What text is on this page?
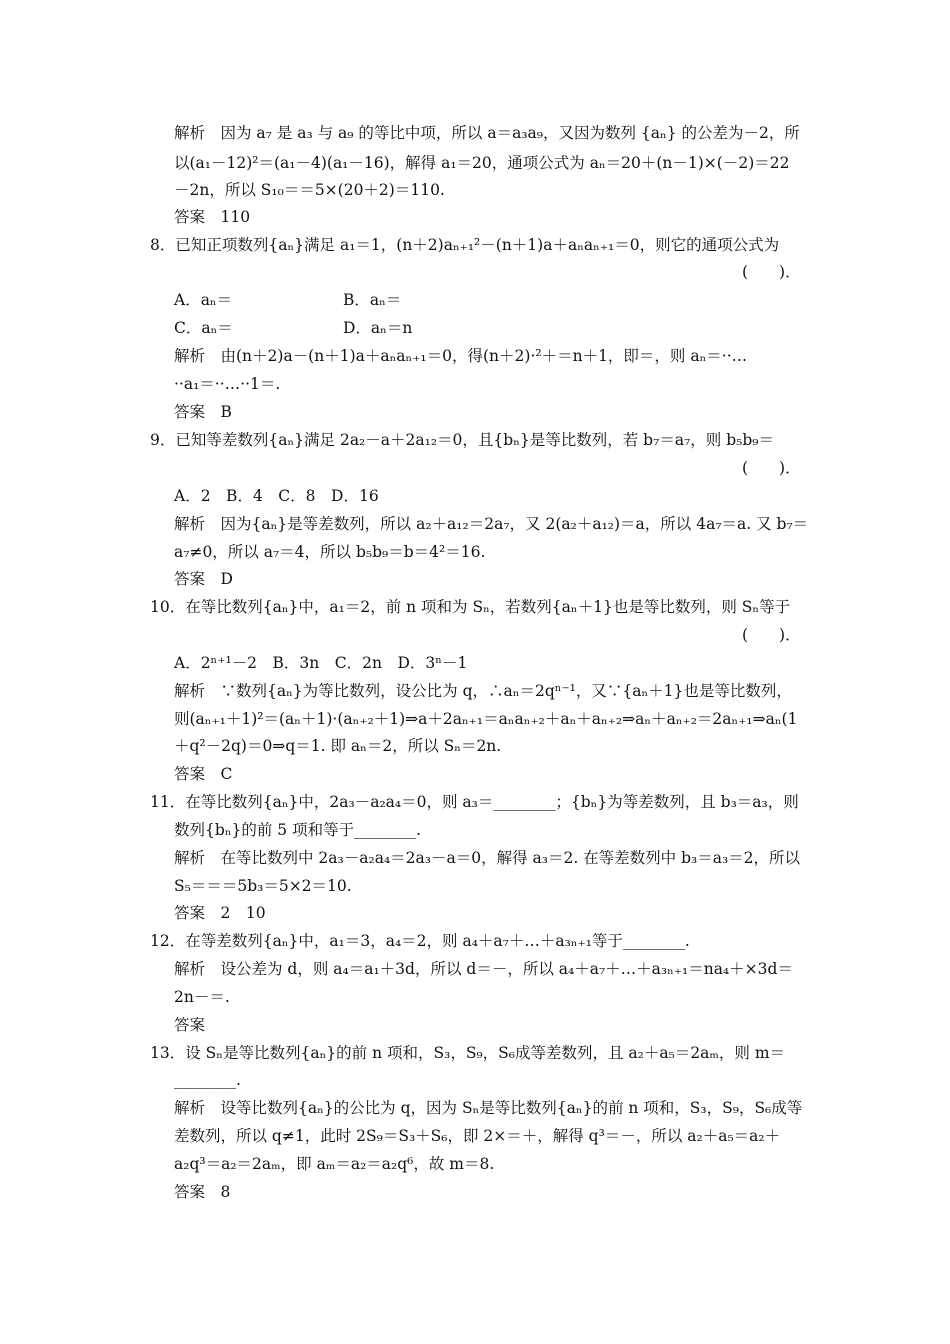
解析　因为 a₇ 是 a₃ 与 a₉ 的等比中项，所以 a＝a₃a₉，又因为数列 {aₙ} 的公差为－2，所
以(a₁－12)²＝(a₁－4)(a₁－16)，解得 a₁＝20，通项公式为 aₙ＝20＋(n－1)×(－2)＝22
－2n，所以 S₁₀＝＝5×(20＋2)＝110.
答案　110
8．已知正项数列{aₙ}满足 a₁＝1，(n＋2)aₙ₊₁²－(n＋1)a＋aₙaₙ₊₁＝0，则它的通项公式为
(　　)．
A．aₙ＝	B．aₙ＝
C．aₙ＝	D．aₙ＝n
解析　由(n＋2)a－(n＋1)a＋aₙaₙ₊₁＝0，得(n＋2)·²＋＝n＋1，即＝，则 aₙ＝··…
··a₁＝··…··1＝.
答案　B
9．已知等差数列{aₙ}满足 2a₂－a＋2a₁₂＝0，且{bₙ}是等比数列，若 b₇＝a₇，则 b₅b₉＝
(　　)．
A．2　B．4　C．8　D．16
解析　因为{aₙ}是等差数列，所以 a₂＋a₁₂＝2a₇，又 2(a₂＋a₁₂)＝a，所以 4a₇＝a. 又 b₇＝
a₇≠0，所以 a₇＝4，所以 b₅b₉＝b＝4²＝16.
答案　D
10．在等比数列{aₙ}中，a₁＝2，前 n 项和为 Sₙ，若数列{aₙ＋1}也是等比数列，则 Sₙ等于
(　　)．
A．2ⁿ⁺¹－2　B．3n　C．2n　D．3ⁿ－1
解析　∵数列{aₙ}为等比数列，设公比为 q，∴aₙ＝2qⁿ⁻¹，又∵{aₙ＋1}也是等比数列，
则(aₙ₊₁＋1)²＝(aₙ＋1)·(aₙ₊₂＋1)⇒a＋2aₙ₊₁＝aₙaₙ₊₂＋aₙ＋aₙ₊₂⇒aₙ＋aₙ₊₂＝2aₙ₊₁⇒aₙ(1
＋q²－2q)＝0⇒q＝1. 即 aₙ＝2，所以 Sₙ＝2n.
答案　C
11．在等比数列{aₙ}中，2a₃－a₂a₄＝0，则 a₃＝________；{bₙ}为等差数列，且 b₃＝a₃，则
数列{bₙ}的前 5 项和等于________.
解析　在等比数列中 2a₃－a₂a₄＝2a₃－a＝0，解得 a₃＝2. 在等差数列中 b₃＝a₃＝2，所以
S₅＝＝＝5b₃＝5×2＝10.
答案　2　10
12．在等差数列{aₙ}中，a₁＝3，a₄＝2，则 a₄＋a₇＋…＋a₃ₙ₊₁等于________.
解析　设公差为 d，则 a₄＝a₁＋3d，所以 d＝－，所以 a₄＋a₇＋…＋a₃ₙ₊₁＝na₄＋×3d＝
2n－＝.
答案
13．设 Sₙ是等比数列{aₙ}的前 n 项和，S₃，S₉，S₆成等差数列，且 a₂＋a₅＝2aₘ，则 m＝
________.
解析　设等比数列{aₙ}的公比为 q，因为 Sₙ是等比数列{aₙ}的前 n 项和，S₃，S₉，S₆成等
差数列，所以 q≠1，此时 2S₉＝S₃＋S₆，即 2×＝＋，解得 q³＝－，所以 a₂＋a₅＝a₂＋
a₂q³＝a₂＝2aₘ，即 aₘ＝a₂＝a₂q⁶，故 m＝8.
答案　8
